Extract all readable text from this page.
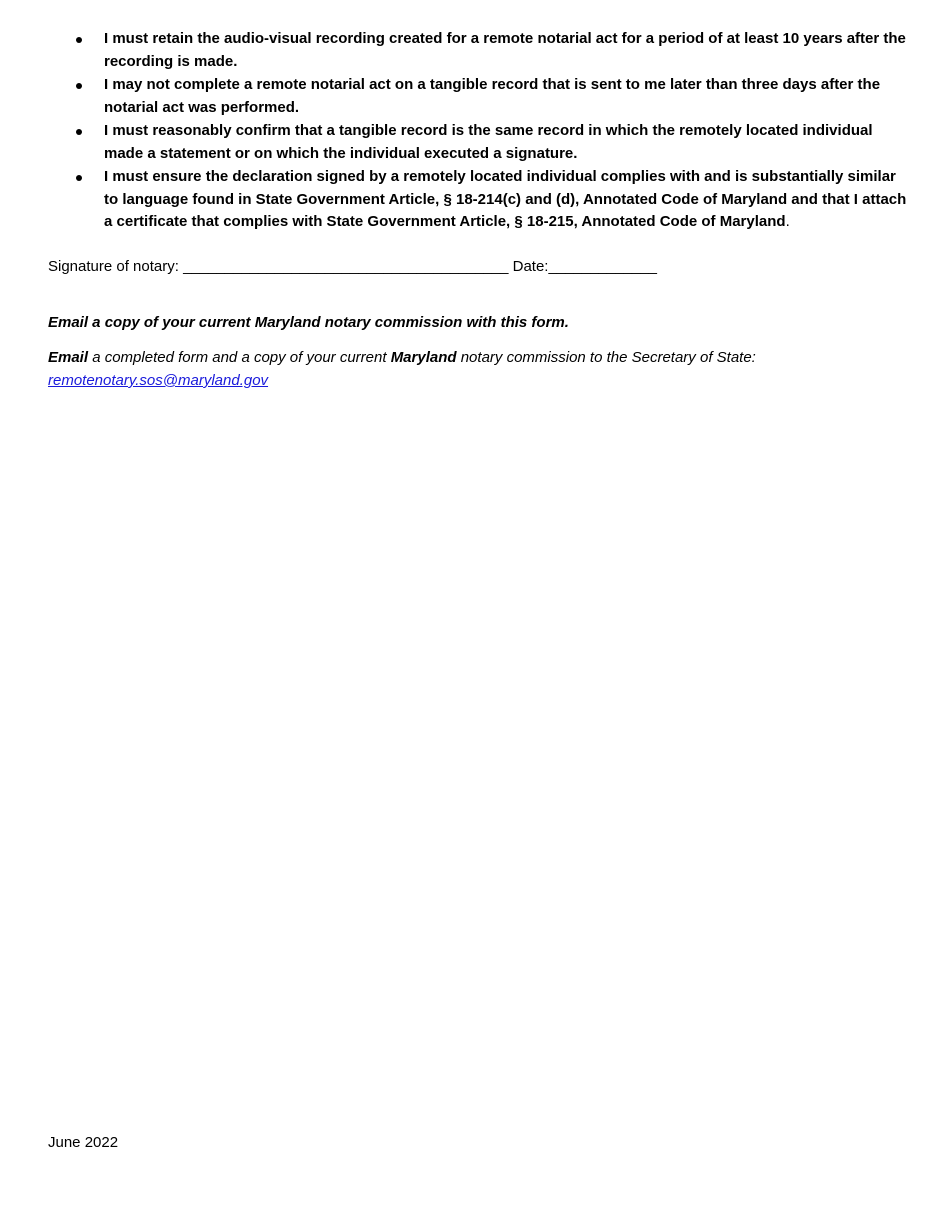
I must retain the audio-visual recording created for a remote notarial act for a period of at least 10 years after the recording is made.
I may not complete a remote notarial act on a tangible record that is sent to me later than three days after the notarial act was performed.
I must reasonably confirm that a tangible record is the same record in which the remotely located individual made a statement or on which the individual executed a signature.
I must ensure the declaration signed by a remotely located individual complies with and is substantially similar to language found in State Government Article, § 18-214(c) and (d), Annotated Code of Maryland and that I attach a certificate that complies with State Government Article, § 18-215, Annotated Code of Maryland.
Signature of notary: _______________________________________ Date:_____________
Email a copy of your current Maryland notary commission with this form.
Email a completed form and a copy of your current Maryland notary commission to the Secretary of State:
remotenotary.sos@maryland.gov
June 2022
